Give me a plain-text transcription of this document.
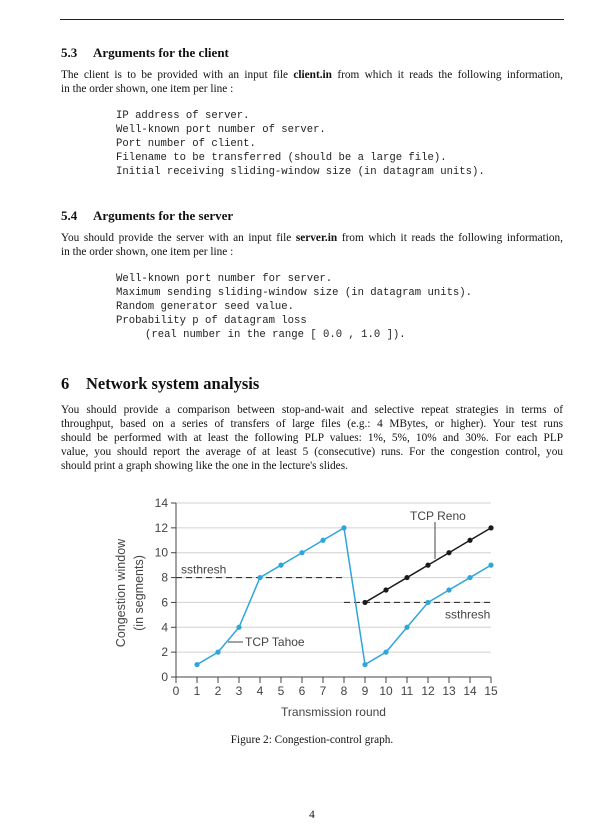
5.3 Arguments for the client
The client is to be provided with an input file client.in from which it reads the following information,
in the order shown, one item per line :
IP address of server.
Well-known port number of server.
Port number of client.
Filename to be transferred (should be a large file).
Initial receiving sliding-window size (in datagram units).
5.4 Arguments for the server
You should provide the server with an input file server.in from which it reads the following information,
in the order shown, one item per line :
Well-known port number for server.
Maximum sending sliding-window size (in datagram units).
Random generator seed value.
Probability p of datagram loss
(real number in the range [ 0.0 , 1.0 ]).
6 Network system analysis
You should provide a comparison between stop-and-wait and selective repeat strategies in terms of
throughput, based on a series of transfers of large files (e.g.: 4 MBytes, or higher). Your test runs
should be performed with at least the following PLP values: 1%, 5%, 10% and 30%. For each PLP
value, you should report the average of at least 5 (consecutive) runs. For the congestion control, you
should print a graph showing like the one in the lecture's slides.
0
2
4
6
8
10
12
14
0 1 2 3 4 5 6 7 8 9 10 11 12 13 14 15
Transmission round
Congestion window (in segments)	ssthresh
ssthresh
TCP Tahoe
TCP Reno
Figure 2: Congestion-control graph.
4
